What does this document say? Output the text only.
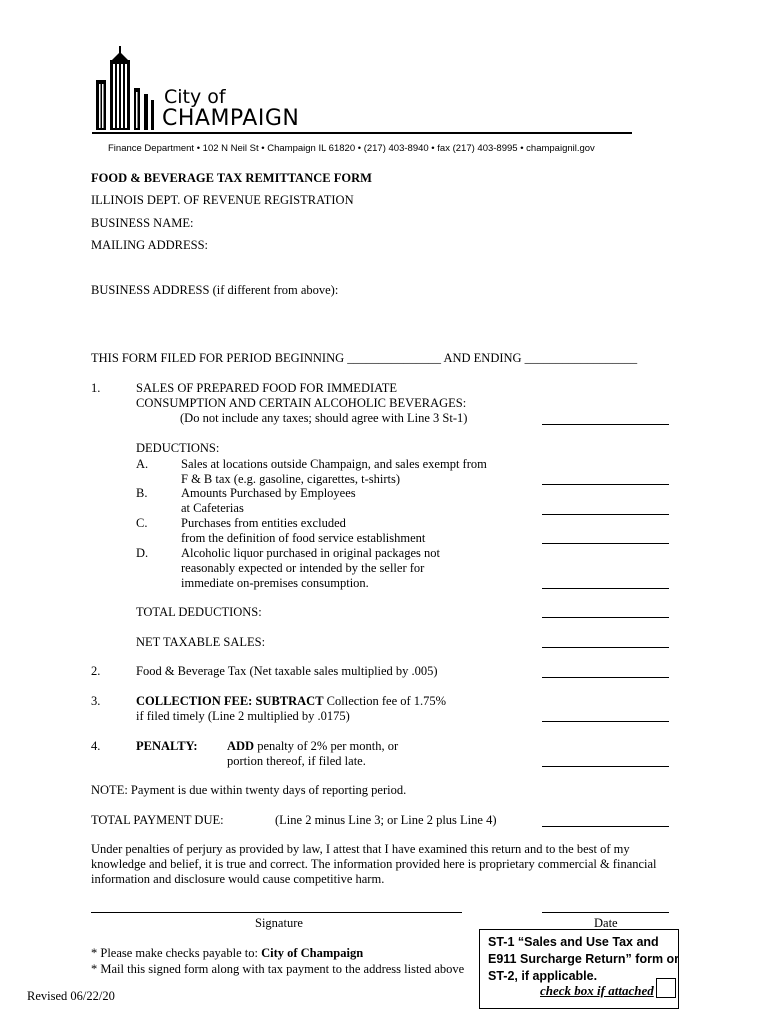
City of
CHAMPAIGN
Finance Department • 102 N Neil St • Champaign IL 61820 • (217) 403-8940 • fax (217) 403-8995 • champaignil.gov
FOOD & BEVERAGE TAX REMITTANCE FORM
ILLINOIS DEPT. OF REVENUE REGISTRATION
BUSINESS NAME:
MAILING ADDRESS:
BUSINESS ADDRESS (if different from above):
THIS FORM FILED FOR PERIOD BEGINNING _______________ AND ENDING __________________
1.	SALES OF PREPARED FOOD FOR IMMEDIATE
CONSUMPTION AND CERTAIN ALCOHOLIC BEVERAGES:
(Do not include any taxes; should agree with Line 3 St-1)
DEDUCTIONS:
A.	Sales at locations outside Champaign, and sales exempt from
F & B tax (e.g. gasoline, cigarettes, t-shirts)
B.	Amounts Purchased by Employees
at Cafeterias
C.	Purchases from entities excluded
from the definition of food service establishment
D.	Alcoholic liquor purchased in original packages not
reasonably expected or intended by the seller for
immediate on-premises consumption.
TOTAL DEDUCTIONS:
NET TAXABLE SALES:
2.	Food & Beverage Tax (Net taxable sales multiplied by .005)
3.	COLLECTION FEE: SUBTRACT Collection fee of 1.75%
if filed timely (Line 2 multiplied by .0175)
4.	PENALTY: ADD penalty of 2% per month, or
portion thereof, if filed late.
NOTE: Payment is due within twenty days of reporting period.
TOTAL PAYMENT DUE:	(Line 2 minus Line 3; or Line 2 plus Line 4)
Under penalties of perjury as provided by law, I attest that I have examined this return and to the best of my
knowledge and belief, it is true and correct. The information provided here is proprietary commercial & financial
information and disclosure would cause competitive harm.
Signature	Date
* Please make checks payable to: City of Champaign
* Mail this signed form along with tax payment to the address listed above
Revised 06/22/20
ST-1 “Sales and Use Tax and
E911 Surcharge Return” form or
ST-2, if applicable.
check box if attached
